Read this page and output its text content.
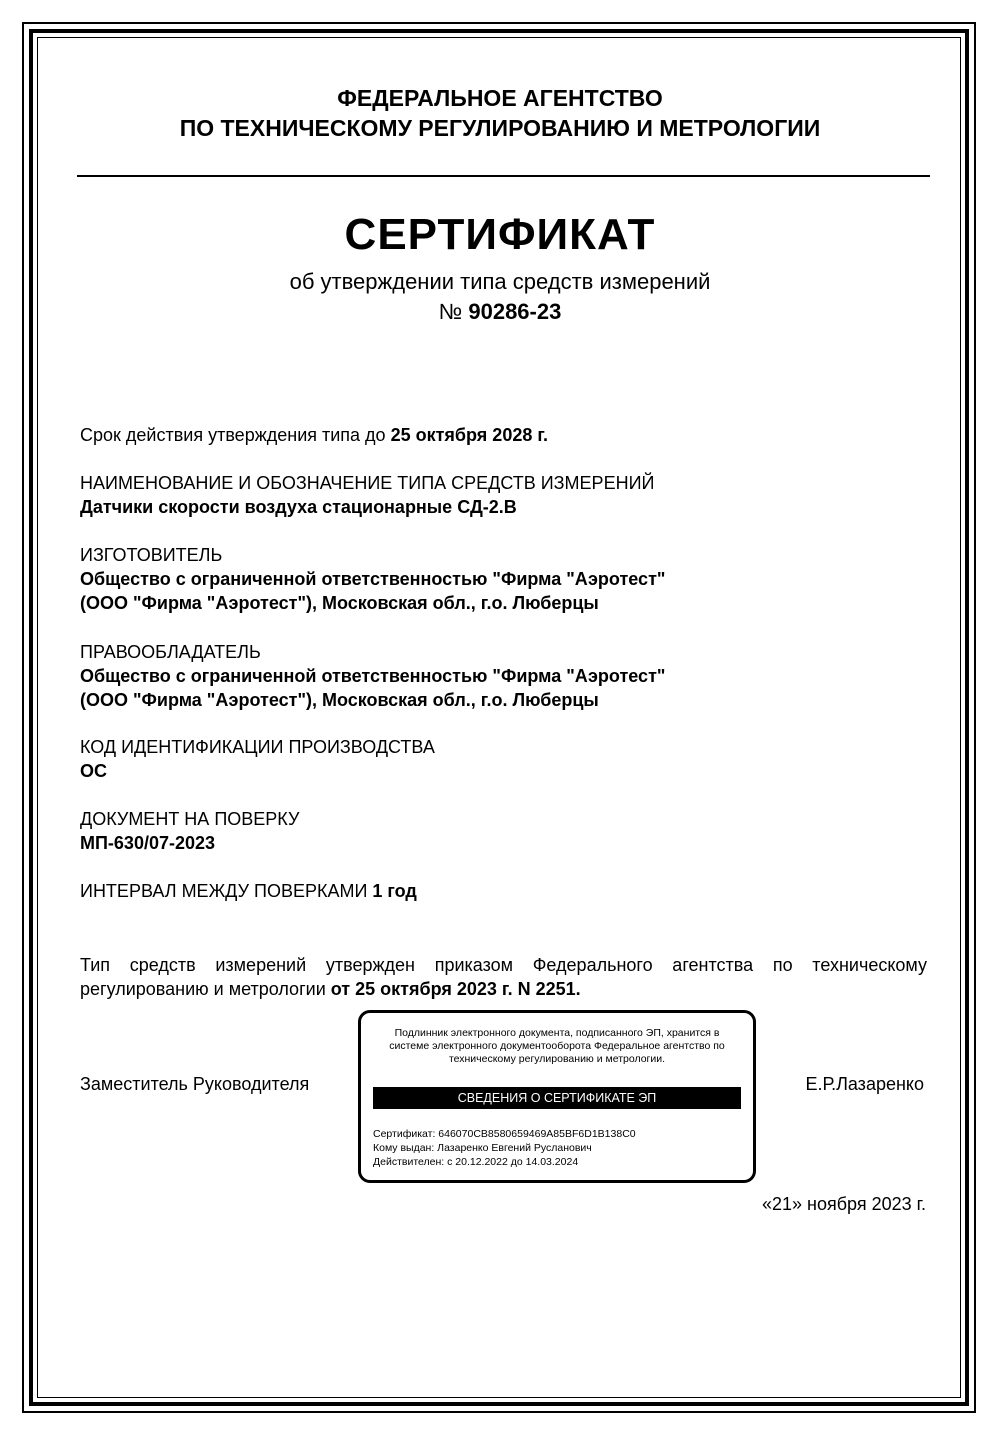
ФЕДЕРАЛЬНОЕ АГЕНТСТВО
ПО ТЕХНИЧЕСКОМУ РЕГУЛИРОВАНИЮ И МЕТРОЛОГИИ
СЕРТИФИКАТ
об утверждении типа средств измерений
№ 90286-23
Срок действия утверждения типа до 25 октября 2028 г.
НАИМЕНОВАНИЕ И ОБОЗНАЧЕНИЕ ТИПА СРЕДСТВ ИЗМЕРЕНИЙ
Датчики скорости воздуха стационарные СД-2.В
ИЗГОТОВИТЕЛЬ
Общество с ограниченной ответственностью "Фирма "Аэротест"
(ООО "Фирма "Аэротест"), Московская обл., г.о. Люберцы
ПРАВООБЛАДАТЕЛЬ
Общество с ограниченной ответственностью "Фирма "Аэротест"
(ООО "Фирма "Аэротест"), Московская обл., г.о. Люберцы
КОД ИДЕНТИФИКАЦИИ ПРОИЗВОДСТВА
ОС
ДОКУМЕНТ НА ПОВЕРКУ
МП-630/07-2023
ИНТЕРВАЛ МЕЖДУ ПОВЕРКАМИ 1 год
Тип средств измерений утвержден приказом Федерального агентства по техническому регулированию и метрологии от 25 октября 2023 г. N 2251.
Заместитель Руководителя	Е.Р.Лазаренко
Подлинник электронного документа, подписанного ЭП, хранится в системе электронного документооборота Федеральное агентство по техническому регулированию и метрологии.
СВЕДЕНИЯ О СЕРТИФИКАТЕ ЭП
Сертификат: 646070CB8580659469A85BF6D1B138C0
Кому выдан: Лазаренко Евгений Русланович
Действителен: с 20.12.2022 до 14.03.2024
«21» ноября 2023 г.
